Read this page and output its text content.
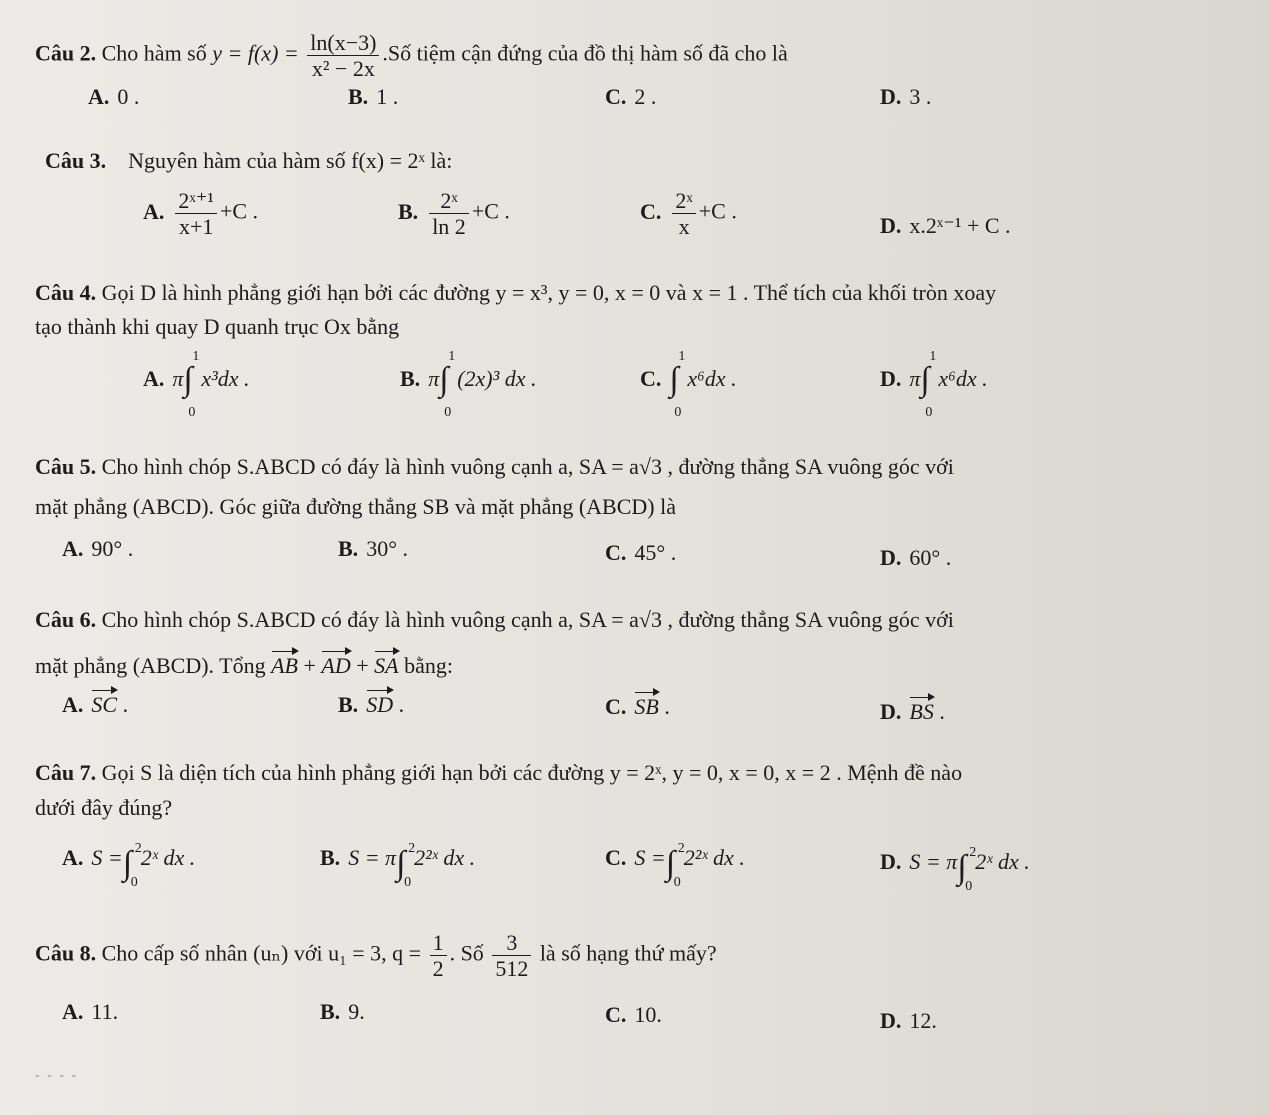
Câu 2. Cho hàm số $y = f(x) = \frac{\ln(x-3)}{\text{x² − 2x}}$ .Số tiệm cận đứng của đồ thị hàm số đã cho là
A. 0 .	B. 1 .	C. 2 .	D. 3 .
Câu 3. Nguyên hàm của hàm số f(x) = 2ˣ là:
A. $\frac{\text{2ˣ⁺¹}}{x+1} +C$ .	B. $\frac{\text{2ˣ}}{\ln 2} +C$ .	C. $\frac{\text{2ˣ}}{x} +C$ .
D. x.2ˣ⁻¹ + C .
Câu 4. Gọi D là hình phẳng giới hạn bởi các đường y = x³, y = 0, x = 0 và x = 1 . Thể tích của khối tròn xoay
tạo thành khi quay D quanh trục Ox bằng
A. π ∫
1
0
x³dx .	B. π ∫
1
0
(2x)³ dx .	C. ∫
1
0
x⁶dx .	D. π ∫
1
0
x⁶dx .
Câu 5. Cho hình chóp S.ABCD có đáy là hình vuông cạnh a, SA = a√3 , đường thẳng SA vuông góc với
mặt phẳng (ABCD). Góc giữa đường thẳng SB và mặt phẳng (ABCD) là
A. 90° .	B. 30° .	C. 45° .	D. 60° .
Câu 6. Cho hình chóp S.ABCD có đáy là hình vuông cạnh a, SA = a√3 , đường thẳng SA vuông góc với
mặt phẳng (ABCD). Tổng AB + AD + SA bằng:
A. SC .	B. SD .	C. SB .	D. BS .
Câu 7. Gọi S là diện tích của hình phẳng giới hạn bởi các đường y = 2ˣ, y = 0, x = 0, x = 2 . Mệnh đề nào
dưới đây đúng?
A. S = ∫ 2
0
2ˣ dx .	B. S = π ∫ 2
0
2²ˣ dx .	C. S = ∫ 2
0
2²ˣ dx .	D. S = π ∫ 2
0
2ˣ dx .
Câu 8. Cho cấp số nhân (uₙ) với u₁ = 3, $q = \frac{1}{2}$ . Số $\frac{3}{512}$ là số hạng thứ mấy?
A. 11.	B. 9.	C. 10.	D. 12.
- - - -
